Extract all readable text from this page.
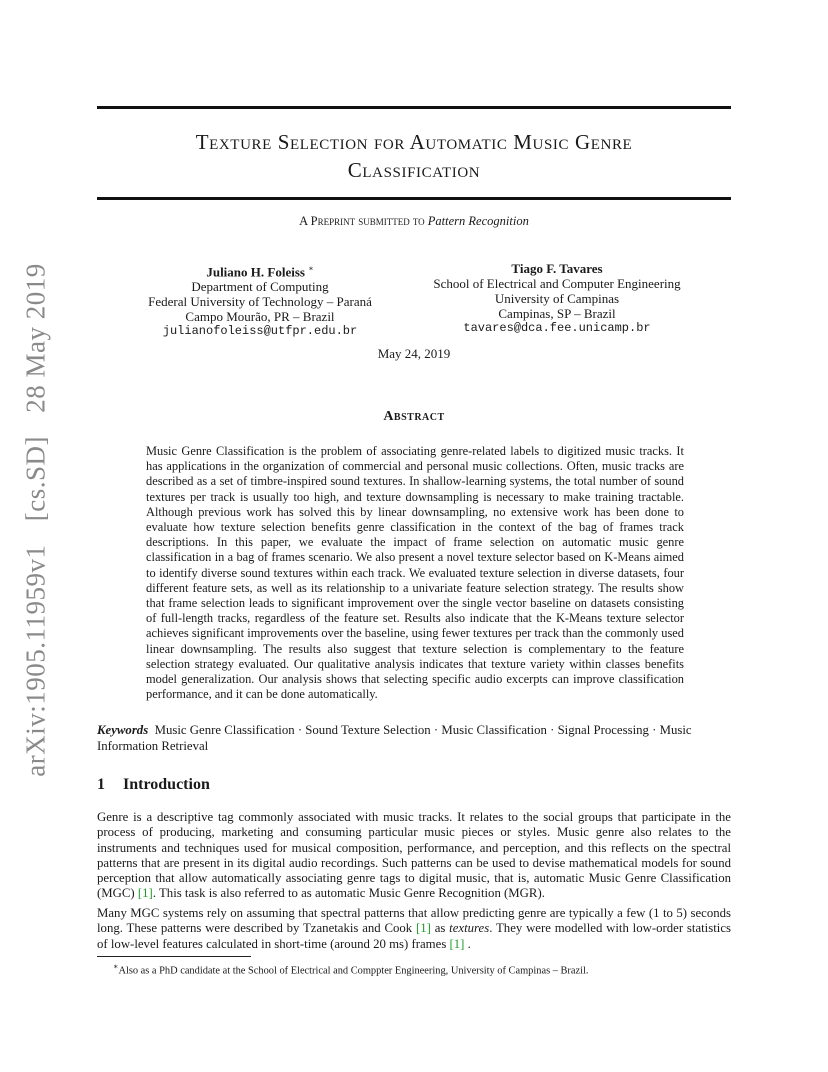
arXiv:1905.11959v1 [cs.SD] 28 May 2019
Texture Selection for Automatic Music Genre
Classification
A Preprint submitted to Pattern Recognition
Juliano H. Foleiss ∗
Department of Computing
Federal University of Technology – Paraná
Campo Mourão, PR – Brazil
julianofoleiss@utfpr.edu.br
Tiago F. Tavares
School of Electrical and Computer Engineering
University of Campinas
Campinas, SP – Brazil
tavares@dca.fee.unicamp.br
May 24, 2019
Abstract
Music Genre Classification is the problem of associating genre-related labels to digitized music tracks. It has applications in the organization of commercial and personal music collections. Often, music tracks are described as a set of timbre-inspired sound textures. In shallow-learning systems, the total number of sound textures per track is usually too high, and texture downsampling is necessary to make training tractable. Although previous work has solved this by linear downsampling, no extensive work has been done to evaluate how texture selection benefits genre classification in the context of the bag of frames track descriptions. In this paper, we evaluate the impact of frame selection on automatic music genre classification in a bag of frames scenario. We also present a novel texture selector based on K-Means aimed to identify diverse sound textures within each track. We evaluated texture selection in diverse datasets, four different feature sets, as well as its relationship to a univariate feature selection strategy. The results show that frame selection leads to significant improvement over the single vector baseline on datasets consisting of full-length tracks, regardless of the feature set. Results also indicate that the K-Means texture selector achieves significant improvements over the baseline, using fewer textures per track than the commonly used linear downsampling. The results also suggest that texture selection is complementary to the feature selection strategy evaluated. Our qualitative analysis indicates that texture variety within classes benefits model generalization. Our analysis shows that selecting specific audio excerpts can improve classification performance, and it can be done automatically.
Keywords Music Genre Classification · Sound Texture Selection · Music Classification · Signal Processing · Music Information Retrieval
1 Introduction
Genre is a descriptive tag commonly associated with music tracks. It relates to the social groups that participate in the process of producing, marketing and consuming particular music pieces or styles. Music genre also relates to the instruments and techniques used for musical composition, performance, and perception, and this reflects on the spectral patterns that are present in its digital audio recordings. Such patterns can be used to devise mathematical models for sound perception that allow automatically associating genre tags to digital music, that is, automatic Music Genre Classification (MGC) [1]. This task is also referred to as automatic Music Genre Recognition (MGR).
Many MGC systems rely on assuming that spectral patterns that allow predicting genre are typically a few (1 to 5) seconds long. These patterns were described by Tzanetakis and Cook [1] as textures. They were modelled with low-order statistics of low-level features calculated in short-time (around 20 ms) frames [1] .
∗Also as a PhD candidate at the School of Electrical and Comppter Engineering, University of Campinas – Brazil.
